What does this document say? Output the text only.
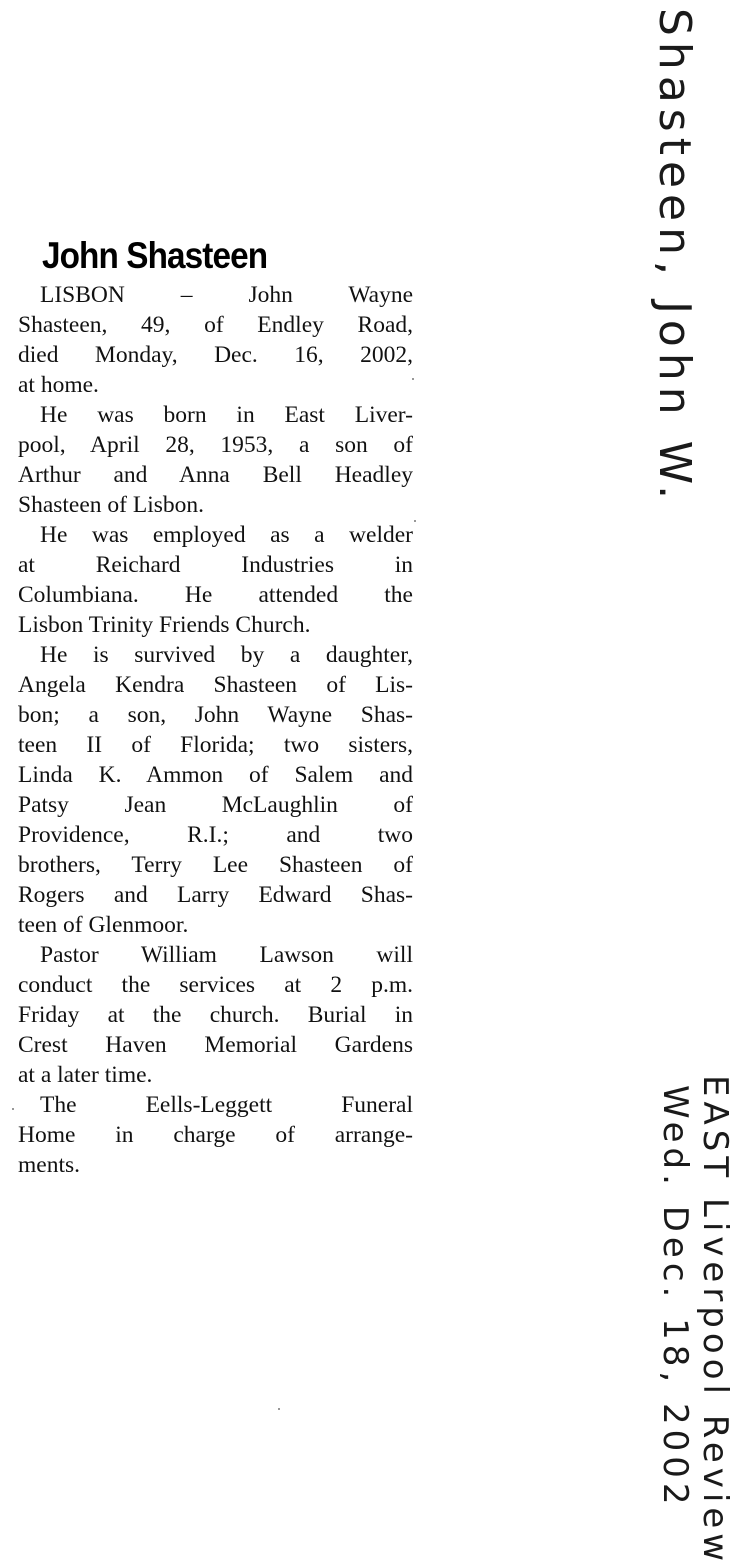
John Shasteen

LISBON – John Wayne
Shasteen, 49, of Endley Road,
died Monday, Dec. 16, 2002,
at home.

He was born in East Liver-
pool, April 28, 1953, a son of
Arthur and Anna Bell Headley
Shasteen of Lisbon.

He was employed as a welder
at Reichard Industries in
Columbiana. He attended the
Lisbon Trinity Friends Church.

He is survived by a daughter,
Angela Kendra Shasteen of Lis-
bon; a son, John Wayne Shas-
teen II of Florida; two sisters,
Linda K. Ammon of Salem and
Patsy Jean McLaughlin of
Providence, R.I.; and two
brothers, Terry Lee Shasteen of
Rogers and Larry Edward Shas-
teen of Glenmoor.

Pastor William Lawson will
conduct the services at 2 p.m.
Friday at the church. Burial in
Crest Haven Memorial Gardens
at a later time.

The Eells-Leggett Funeral
Home in charge of arrange-
ments.

Shasteen, John W.
EAST Liverpool Review
Wed. Dec. 18, 2002
